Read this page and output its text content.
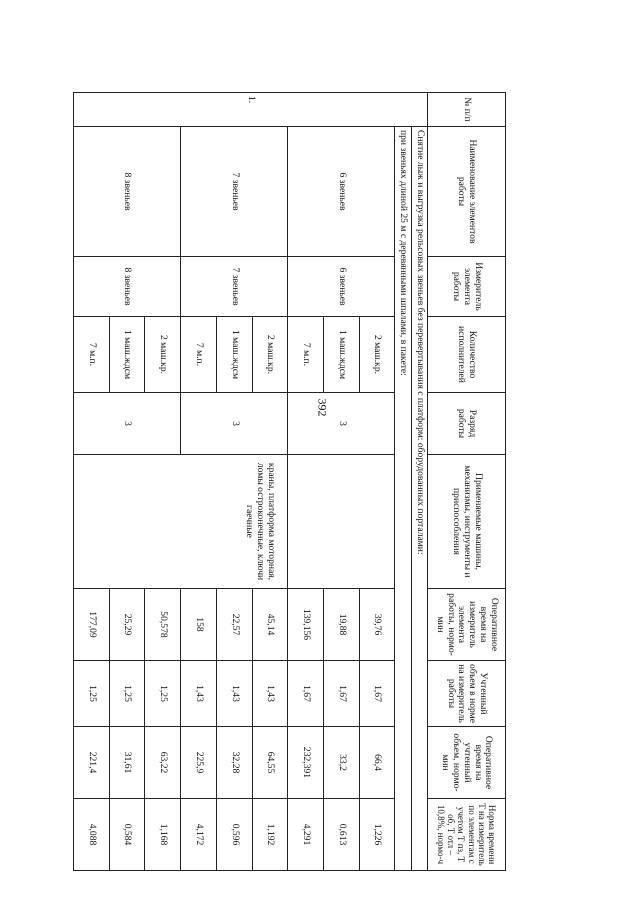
392
№ п/п	Наименование элементов работы	Измеритель элемента работы	Количество исполнителей	Разряд работы	Применяемые машины, механизмы, инструменты и приспособления	Оперативное время на измеритель элемента работы, нормо-мин	Учтенный объем в норме на измеритель работы	Оперативное время на учтенный объем, нормо-мин	Норма времени Т на измеритель по элементам с учетом Т пз, Т об, Т отл – 10,8%, нормо-ч
1.	Снятие лыж и выгрузка рельсовых звеньев без перевертывания с платформ: оборудованных порталами:								
	при звеньях длиной 25 м с деревянными шпалами, в пакете:								
	6 звеньев	6 звеньев	2 маш.кр.	3		39,76	1,67	66,4	1,226
			1 маш.ждсм			19,88	1,67	33,2	0,613
			7 м.п.			139,156	1,67	232,391	4,291
	7 звеньев	7 звеньев	2 маш.кр.	3	краны, платформа моторная, ломы остроконечные, ключи гаечные	45,14	1,43	64,55	1,192
			1 маш.ждсм			22,57	1,43	32,28	0,596
			7 м.п.			158	1,43	225,9	4,172
	8 звеньев	8 звеньев	2 маш.кр.	3		50,578	1,25	63,22	1,168
			1 маш.ждсм			25,29	1,25	31,61	0,584
			7 м.п.			177,09	1,25	221,4	4,088
